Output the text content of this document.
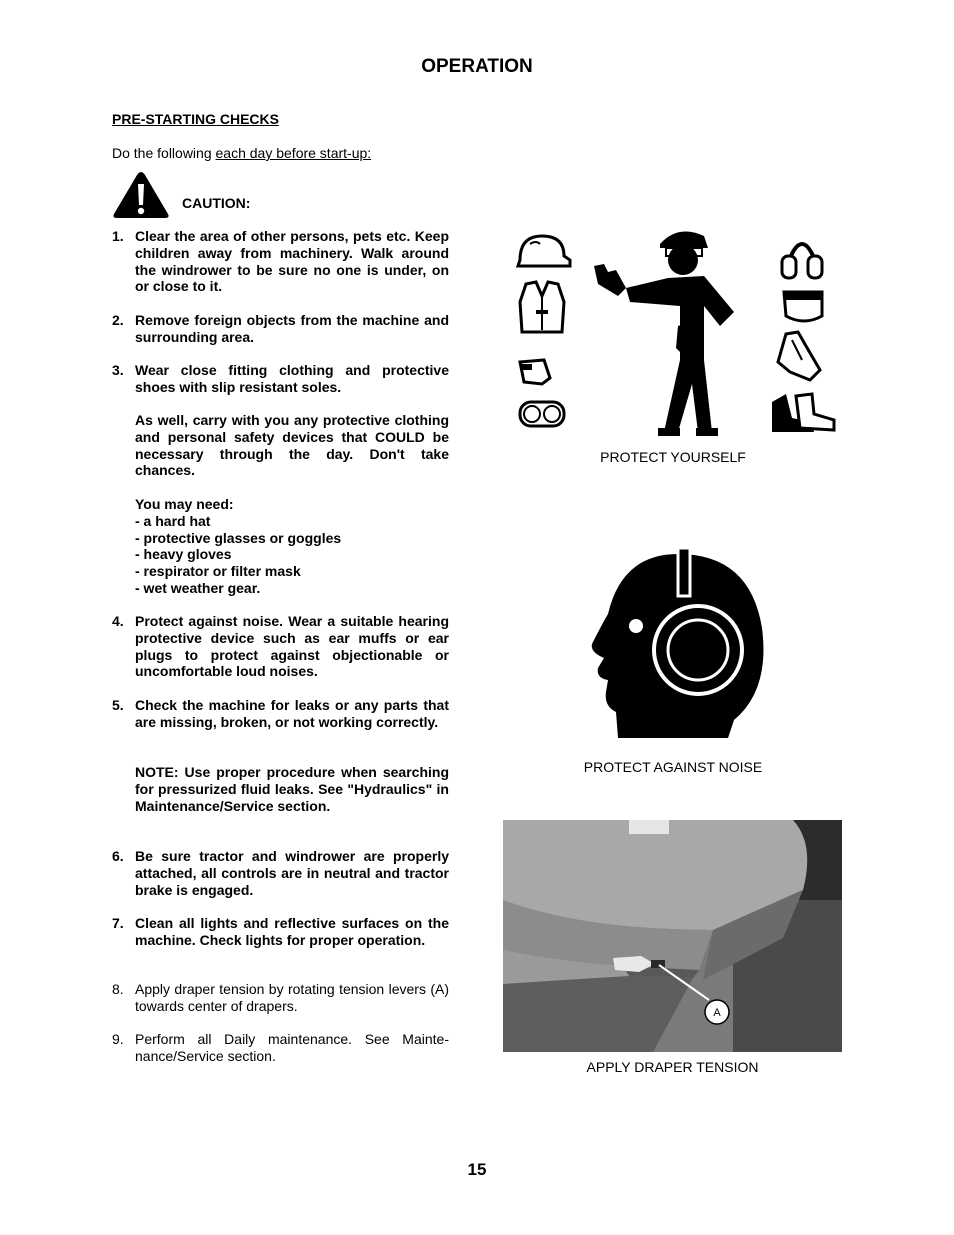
OPERATION
PRE-STARTING CHECKS
Do the following each day before start-up:
CAUTION:
1. Clear the area of other persons, pets etc. Keep children away from machinery. Walk around the windrower to be sure no one is under, on or close to it.
2. Remove foreign objects from the machine and surrounding area.
3. Wear close fitting clothing and protective shoes with slip resistant soles.
As well, carry with you any protective clothing and personal safety devices that COULD be necessary through the day. Don't take chances.
You may need:
- a hard hat
- protective glasses or goggles
- heavy gloves
- respirator or filter mask
- wet weather gear.
4. Protect against noise. Wear a suitable hearing protective device such as ear muffs or ear plugs to protect against objectionable or uncomfortable loud noises.
5. Check the machine for leaks or any parts that are missing, broken, or not working correctly.
NOTE: Use proper procedure when searching for pressurized fluid leaks. See "Hydraulics" in Maintenance/Service section.
6. Be sure tractor and windrower are properly attached, all controls are in neutral and tractor brake is engaged.
7. Clean all lights and reflective surfaces on the machine. Check lights for proper operation.
8. Apply draper tension by rotating tension levers (A) towards center of drapers.
9. Perform all Daily maintenance. See Mainte-nance/Service section.
PROTECT YOURSELF
PROTECT AGAINST NOISE
A
APPLY DRAPER TENSION
15
